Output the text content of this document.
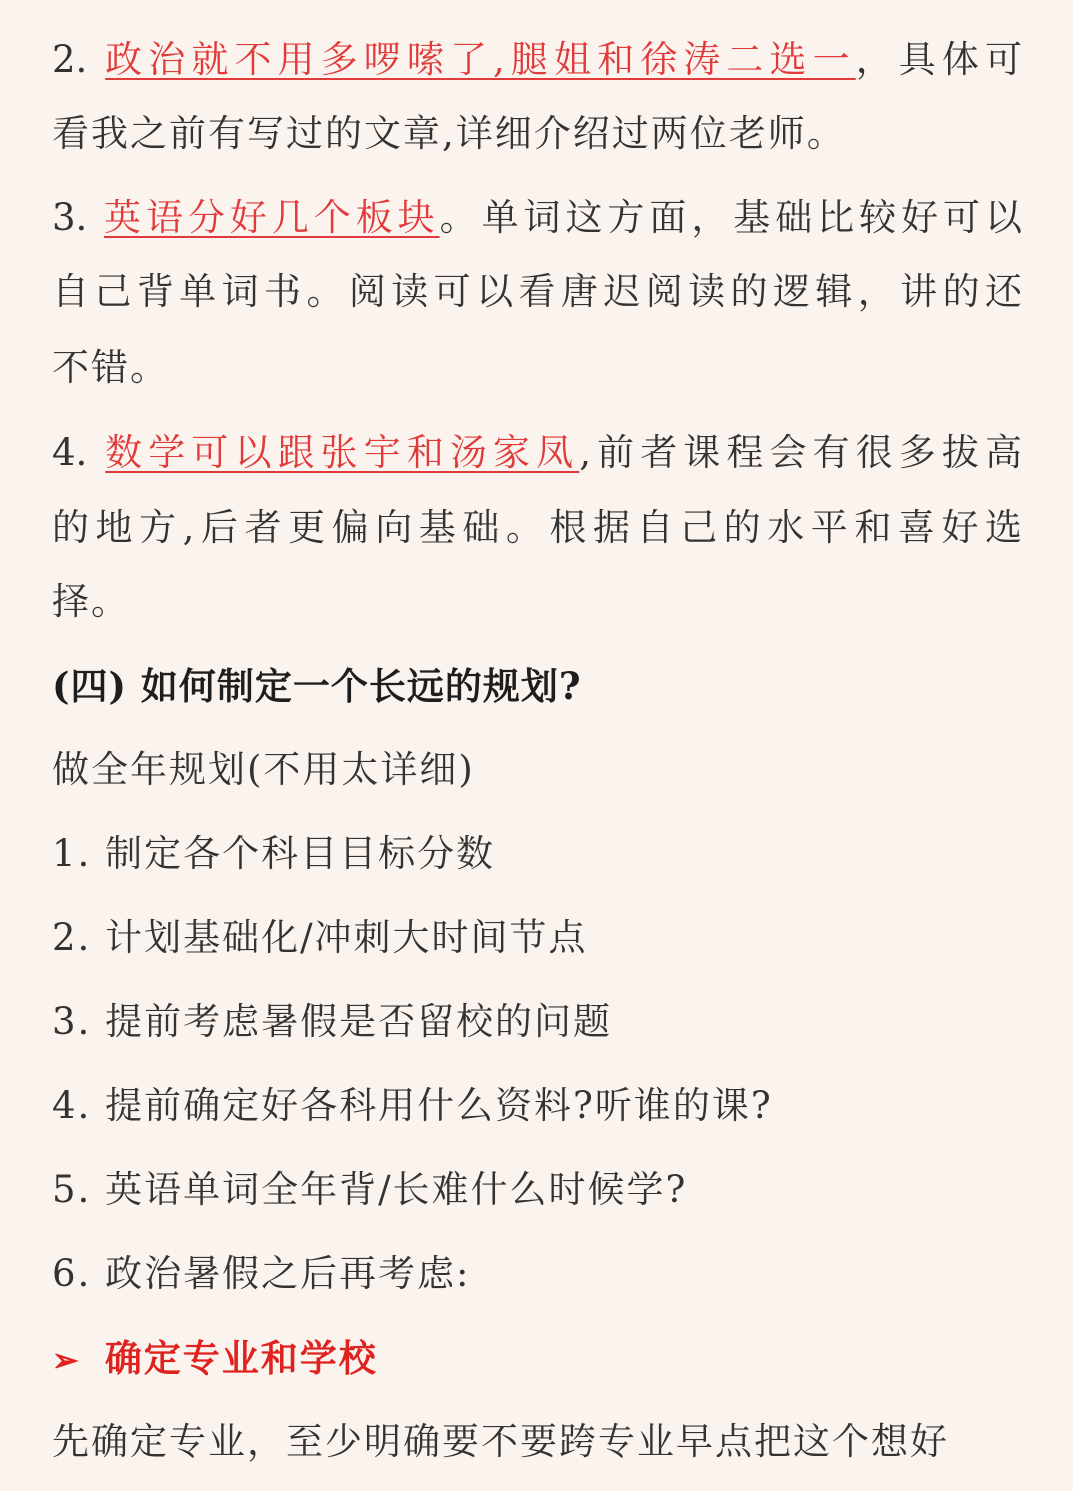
2. 政治就不用多啰嗦了,腿姐和徐涛二选一，具体可
看我之前有写过的文章,详细介绍过两位老师。
3. 英语分好几个板块。单词这方面，基础比较好可以
自己背单词书。阅读可以看唐迟阅读的逻辑，讲的还
不错。
4. 数学可以跟张宇和汤家凤,前者课程会有很多拔高
的地方,后者更偏向基础。根据自己的水平和喜好选
择。
(四) 如何制定一个长远的规划?
做全年规划(不用太详细)
1. 制定各个科目目标分数
2. 计划基础化/冲刺大时间节点
3. 提前考虑暑假是否留校的问题
4. 提前确定好各科用什么资料?听谁的课?
5. 英语单词全年背/长难什么时候学?
6. 政治暑假之后再考虑:
➢ 确定专业和学校
先确定专业，至少明确要不要跨专业早点把这个想好
